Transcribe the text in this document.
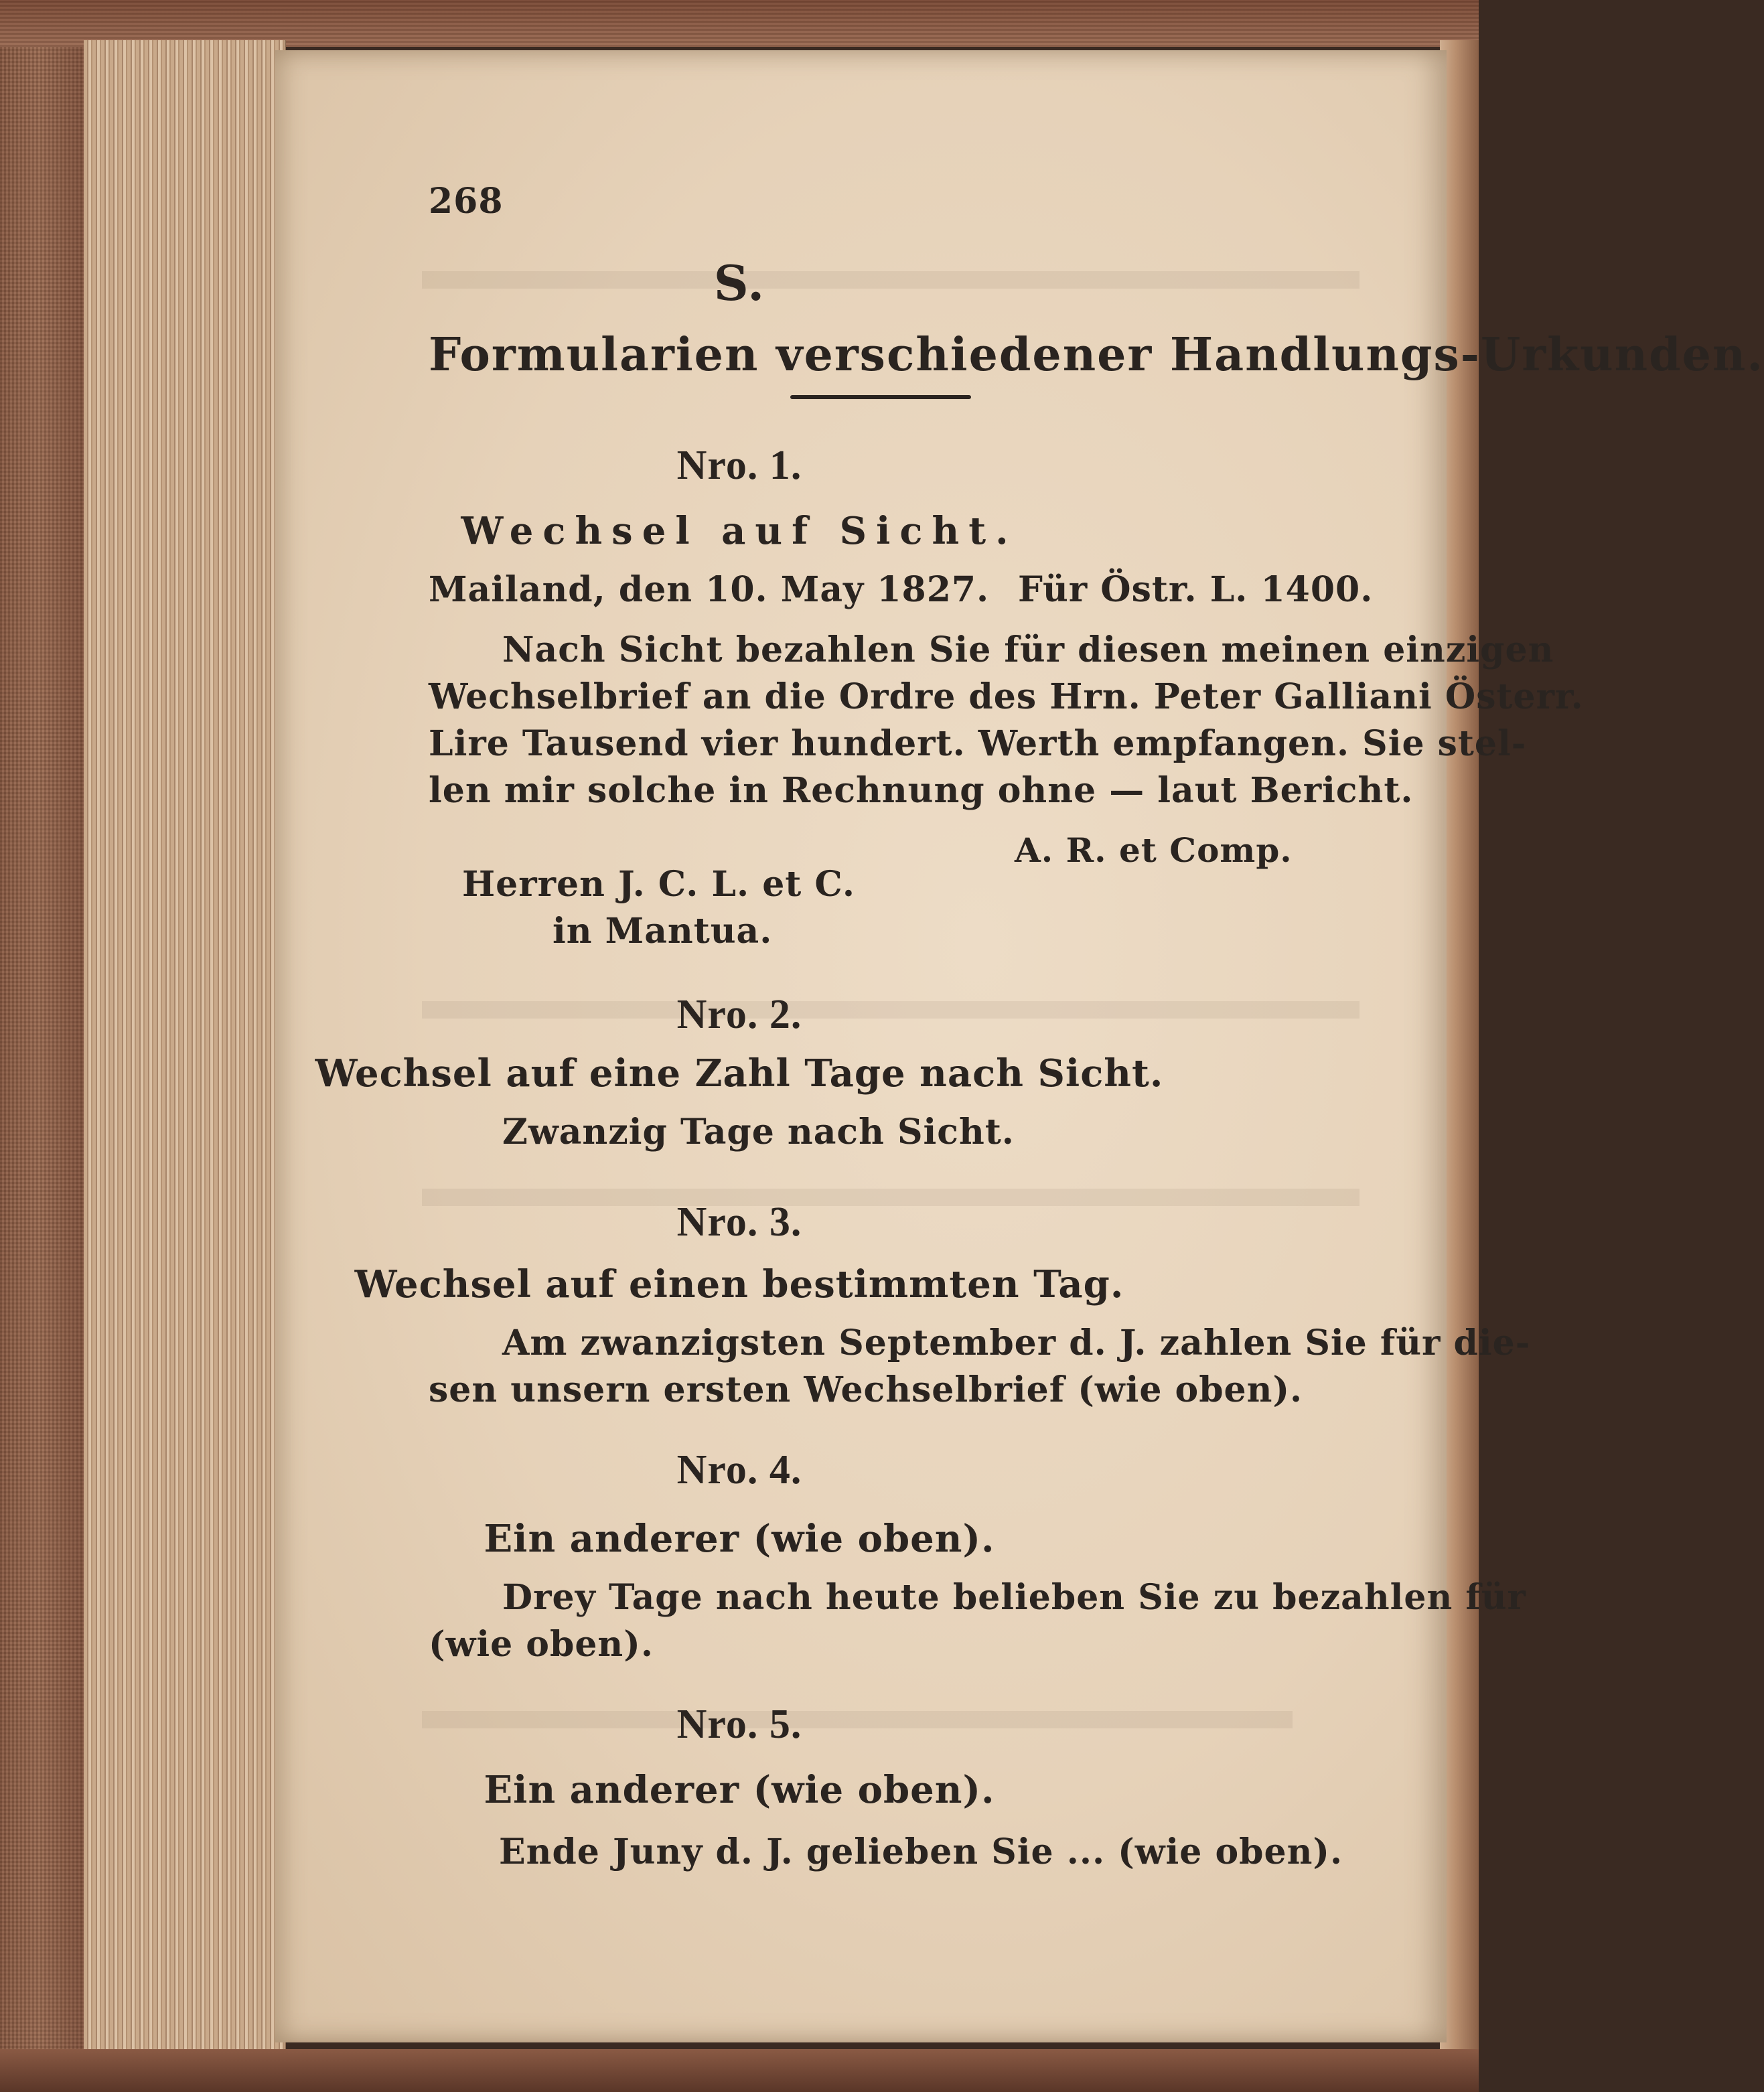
268
S.
Formularien verschiedener Handlungs-Urkunden.
Nro. 1.
Wechsel auf Sicht.
Mailand, den 10. May 1827. Für Östr. L. 1400.
Nach Sicht bezahlen Sie für diesen meinen einzigen
Wechselbrief an die Ordre des Hrn. Peter Galliani Österr.
Lire Tausend vier hundert. Werth empfangen. Sie stel-
len mir solche in Rechnung ohne — laut Bericht.
A. R. et Comp.
Herren J. C. L. et C.
in Mantua.
Nro. 2.
Wechsel auf eine Zahl Tage nach Sicht.
Zwanzig Tage nach Sicht.
Nro. 3.
Wechsel auf einen bestimmten Tag.
Am zwanzigsten September d. J. zahlen Sie für die-
sen unsern ersten Wechselbrief (wie oben).
Nro. 4.
Ein anderer (wie oben).
Drey Tage nach heute belieben Sie zu bezahlen für
(wie oben).
Nro. 5.
Ein anderer (wie oben).
Ende Juny d. J. gelieben Sie ... (wie oben).
